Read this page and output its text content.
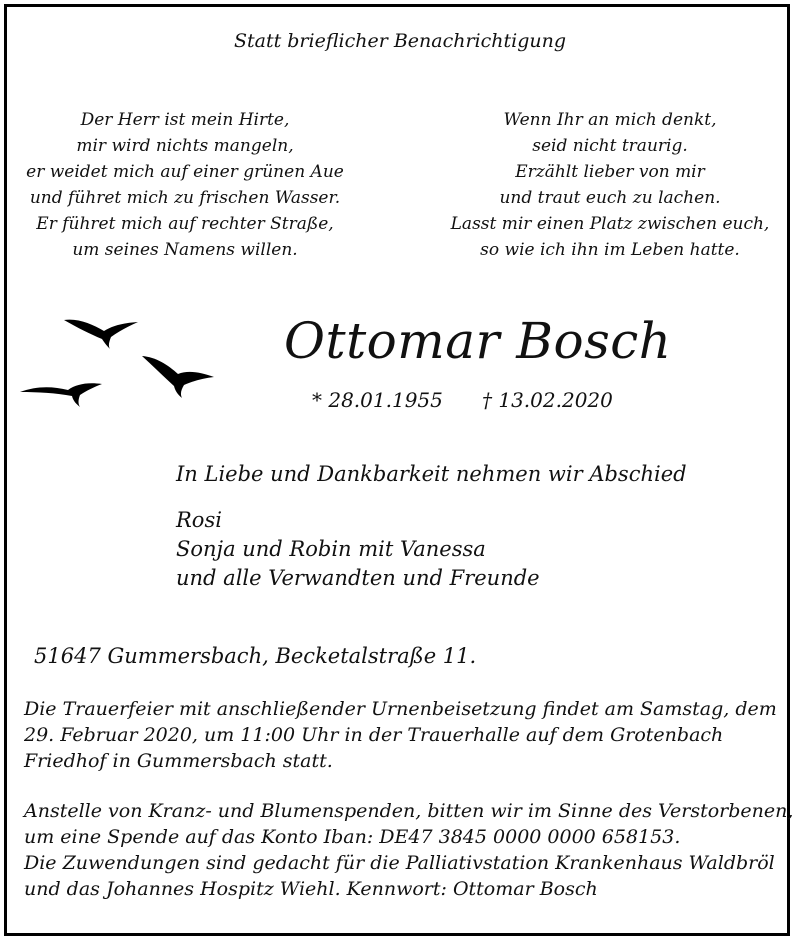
Statt brieflicher Benachrichtigung
Der Herr ist mein Hirte,
mir wird nichts mangeln,
er weidet mich auf einer grünen Aue
und führet mich zu frischen Wasser.
Er führet mich auf rechter Straße,
um seines Namens willen.
Wenn Ihr an mich denkt,
seid nicht traurig.
Erzählt lieber von mir
und traut euch zu lachen.
Lasst mir einen Platz zwischen euch,
so wie ich ihn im Leben hatte.
Ottomar Bosch
* 28.01.1955 † 13.02.2020
In Liebe und Dankbarkeit nehmen wir Abschied
Rosi
Sonja und Robin mit Vanessa
und alle Verwandten und Freunde
51647 Gummersbach, Becketalstraße 11.
Die Trauerfeier mit anschließender Urnenbeisetzung findet am Samstag, dem
29. Februar 2020, um 11:00 Uhr in der Trauerhalle auf dem Grotenbach
Friedhof in Gummersbach statt.
Anstelle von Kranz- und Blumenspenden, bitten wir im Sinne des Verstorbenen,
um eine Spende auf das Konto Iban: DE47 3845 0000 0000 658153.
Die Zuwendungen sind gedacht für die Palliativstation Krankenhaus Waldbröl
und das Johannes Hospitz Wiehl. Kennwort: Ottomar Bosch
